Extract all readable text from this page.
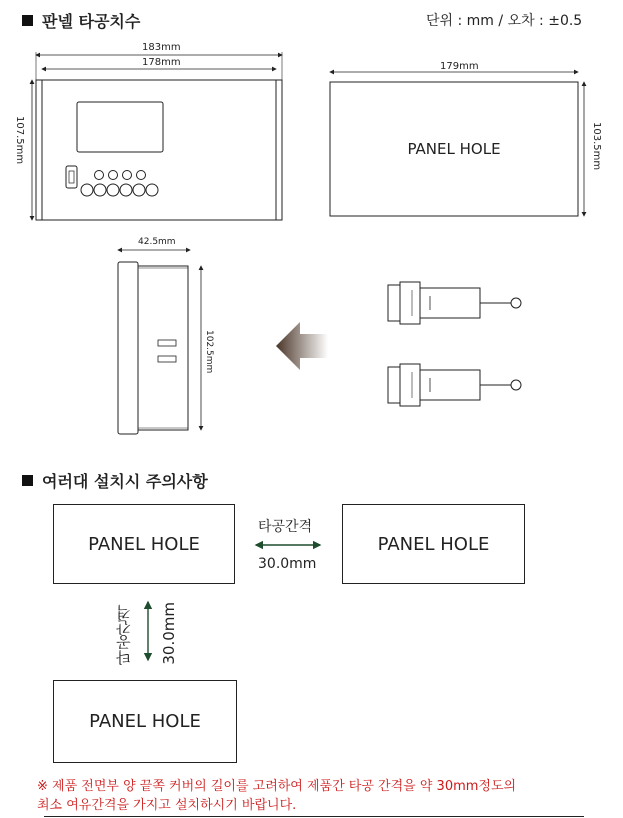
판넬 타공치수	단위 : mm / 오차 : ±0.5
183mm
178mm
107.5mm
179mm
103.5mm
PANEL HOLE
42.5mm
102.5mm
여러대 설치시 주의사항
PANEL HOLE	PANEL HOLE
PANEL HOLE
타공간격
30.0mm
타공간격 30.0mm
※ 제품 전면부 양 끝쪽 커버의 길이를 고려하여 제품간 타공 간격을 약 30mm정도의
최소 여유간격을 가지고 설치하시기 바랍니다.
